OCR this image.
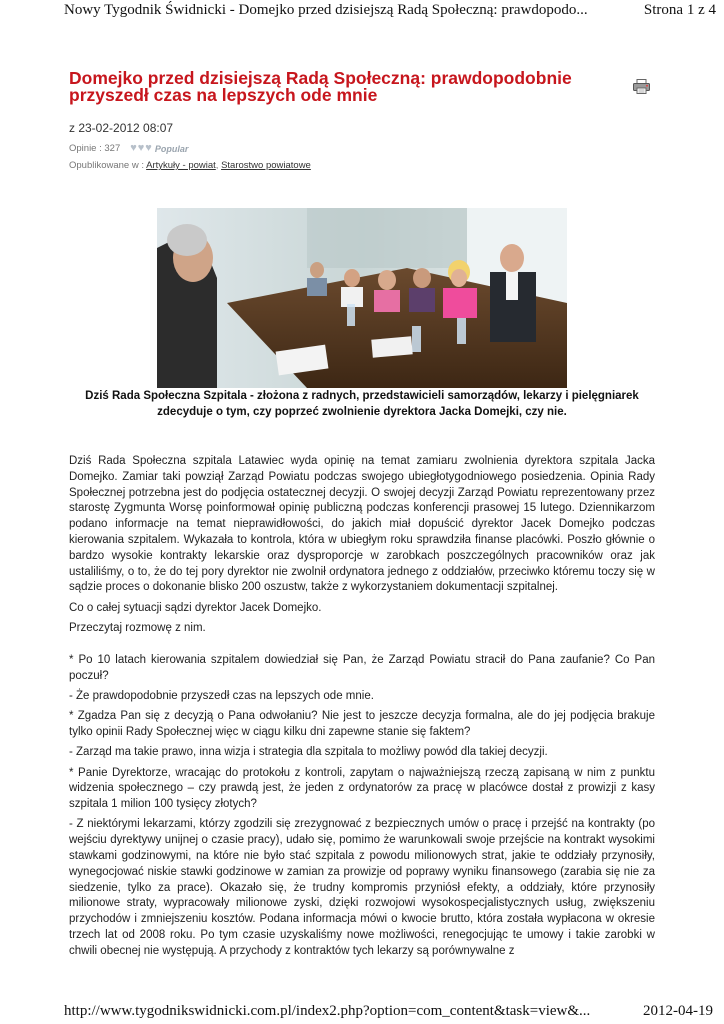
Nowy Tygodnik Świdnicki - Domejko przed dzisiejszą Radą Społeczną: prawdopodo...	Strona 1 z 4
Domejko przed dzisiejszą Radą Społeczną: prawdopodobnie przyszedł czas na lepszych ode mnie
z 23-02-2012 08:07
Opinie : 327 ♥ ♥ ♥ Popular
Opublikowane w : Artykuły - powiat, Starostwo powiatowe
Dziś Rada Społeczna Szpitala - złożona z radnych, przedstawicieli samorządów, lekarzy i pielęgniarek zdecyduje o tym, czy poprzeć zwolnienie dyrektora Jacka Domejki, czy nie.

Dziś Rada Społeczna szpitala Latawiec wyda opinię na temat zamiaru zwolnienia dyrektora szpitala Jacka Domejko. Zamiar taki powziął Zarząd Powiatu podczas swojego ubiegłotygodniowego posiedzenia. Opinia Rady Społecznej potrzebna jest do podjęcia ostatecznej decyzji. O swojej decyzji Zarząd Powiatu reprezentowany przez starostę Zygmunta Worsę poinformował opinię publiczną podczas konferencji prasowej 15 lutego. Dziennikarzom podano informacje na temat nieprawidłowości, do jakich miał dopuścić dyrektor Jacek Domejko podczas kierowania szpitalem. Wykazała to kontrola, która w ubiegłym roku sprawdziła finanse placówki. Poszło głównie o bardzo wysokie kontrakty lekarskie oraz dysproporcje w zarobkach poszczególnych pracowników oraz jak ustaliliśmy, o to, że do tej pory dyrektor nie zwolnił ordynatora jednego z oddziałów, przeciwko któremu toczy się w sądzie proces o dokonanie blisko 200 oszustw, także z wykorzystaniem dokumentacji szpitalnej.

Co o całej sytuacji sądzi dyrektor Jacek Domejko.

Przeczytaj rozmowę z nim.

* Po 10 latach kierowania szpitalem dowiedział się Pan, że Zarząd Powiatu stracił do Pana zaufanie? Co Pan poczuł?

- Że prawdopodobnie przyszedł czas na lepszych ode mnie.

* Zgadza Pan się z decyzją o Pana odwołaniu? Nie jest to jeszcze decyzja formalna, ale do jej podjęcia brakuje tylko opinii Rady Społecznej więc w ciągu kilku dni zapewne stanie się faktem?

- Zarząd ma takie prawo, inna wizja i strategia dla szpitala to możliwy powód dla takiej decyzji.

* Panie Dyrektorze, wracając do protokołu z kontroli, zapytam o najważniejszą rzeczą zapisaną w nim z punktu widzenia społecznego – czy prawdą jest, że jeden z ordynatorów za pracę w placówce dostał z prowizji z kasy szpitala 1 milion 100 tysięcy złotych?

- Z niektórymi lekarzami, którzy zgodzili się zrezygnować z bezpiecznych umów o pracę i przejść na kontrakty (po wejściu dyrektywy unijnej o czasie pracy), udało się, pomimo że warunkowali swoje przejście na kontrakt wysokimi stawkami godzinowymi, na które nie było stać szpitala z powodu milionowych strat, jakie te oddziały przynosiły, wynegocjować niskie stawki godzinowe w zamian za prowizje od poprawy wyniku finansowego (zarabia się nie za siedzenie, tylko za prace). Okazało się, że trudny kompromis przyniósł efekty, a oddziały, które przynosiły milionowe straty, wypracowały milionowe zyski, dzięki rozwojowi wysokospecjalistycznych usług, zwiększeniu przychodów i zmniejszeniu kosztów. Podana informacja mówi o kwocie brutto, która została wypłacona w okresie trzech lat od 2008 roku. Po tym czasie uzyskaliśmy nowe możliwości, renegocjując te umowy i takie zarobki w chwili obecnej nie występują. A przychody z kontraktów tych lekarzy są porównywalne z

http://www.tygodnikswidnicki.com.pl/index2.php?option=com_content&task=view&...	2012-04-19
